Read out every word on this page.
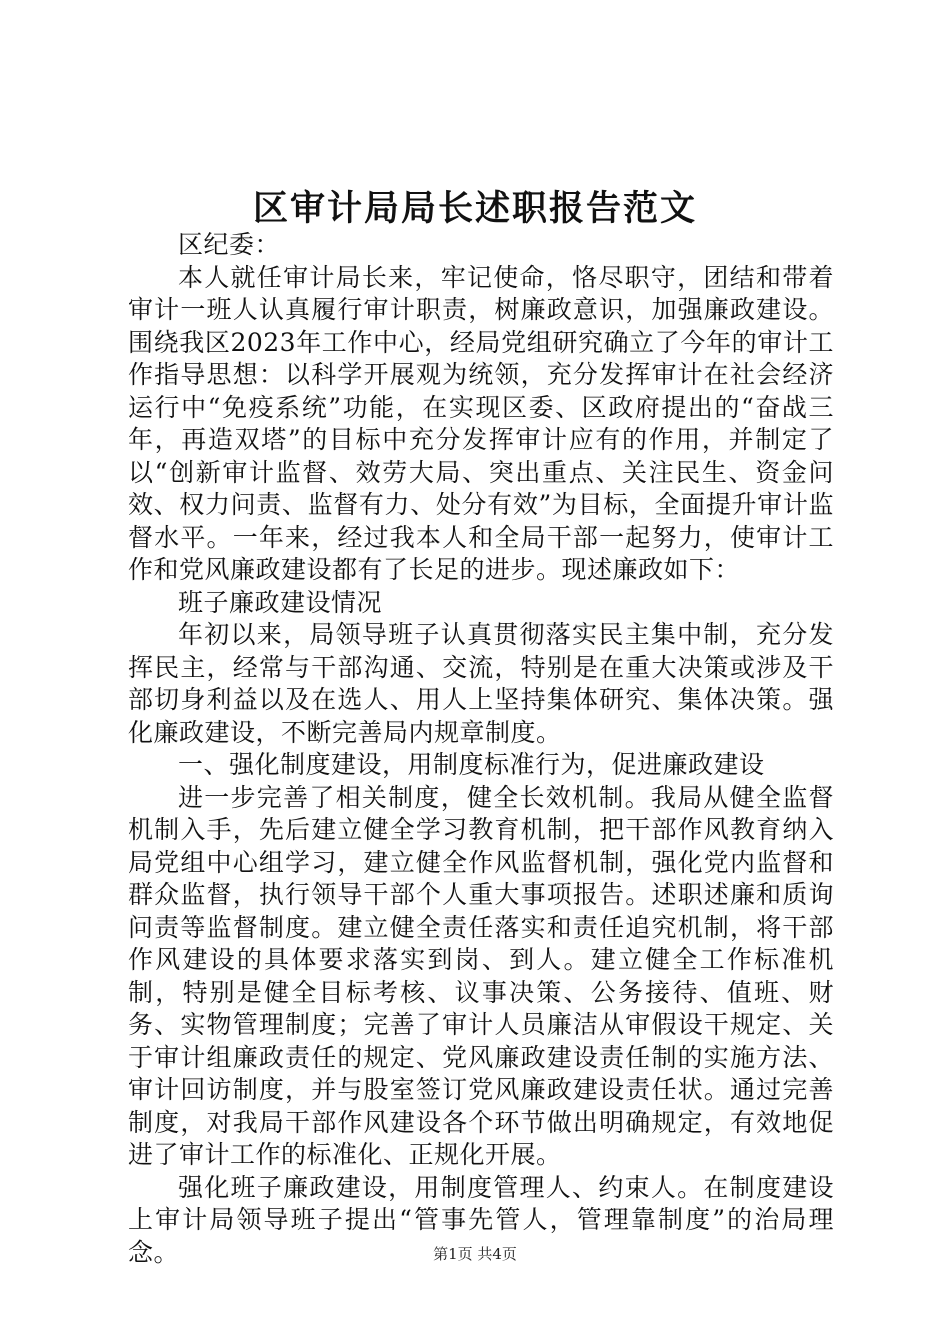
区审计局局长述职报告范文

区纪委：

本人就任审计局长来，牢记使命，恪尽职守，团结和带着审计一班人认真履行审计职责，树廉政意识，加强廉政建设。围绕我区2023年工作中心，经局党组研究确立了今年的审计工作指导思想：以科学开展观为统领，充分发挥审计在社会经济运行中“免疫系统”功能，在实现区委、区政府提出的“奋战三年，再造双塔”的目标中充分发挥审计应有的作用，并制定了以“创新审计监督、效劳大局、突出重点、关注民生、资金问效、权力问责、监督有力、处分有效”为目标，全面提升审计监督水平。一年来，经过我本人和全局干部一起努力，使审计工作和党风廉政建设都有了长足的进步。现述廉政如下：

班子廉政建设情况

年初以来，局领导班子认真贯彻落实民主集中制，充分发挥民主，经常与干部沟通、交流，特别是在重大决策或涉及干部切身利益以及在选人、用人上坚持集体研究、集体决策。强化廉政建设，不断完善局内规章制度。

一、强化制度建设，用制度标准行为，促进廉政建设

进一步完善了相关制度，健全长效机制。我局从健全监督机制入手，先后建立健全学习教育机制，把干部作风教育纳入局党组中心组学习，建立健全作风监督机制，强化党内监督和群众监督，执行领导干部个人重大事项报告。述职述廉和质询问责等监督制度。建立健全责任落实和责任追究机制，将干部作风建设的具体要求落实到岗、到人。建立健全工作标准机制，特别是健全目标考核、议事决策、公务接待、值班、财务、实物管理制度；完善了审计人员廉洁从审假设干规定、关于审计组廉政责任的规定、党风廉政建设责任制的实施方法、审计回访制度，并与股室签订党风廉政建设责任状。通过完善制度，对我局干部作风建设各个环节做出明确规定，有效地促进了审计工作的标准化、正规化开展。

强化班子廉政建设，用制度管理人、约束人。在制度建设上审计局领导班子提出“管事先管人，管理靠制度”的治局理念。	第1页 共4页
